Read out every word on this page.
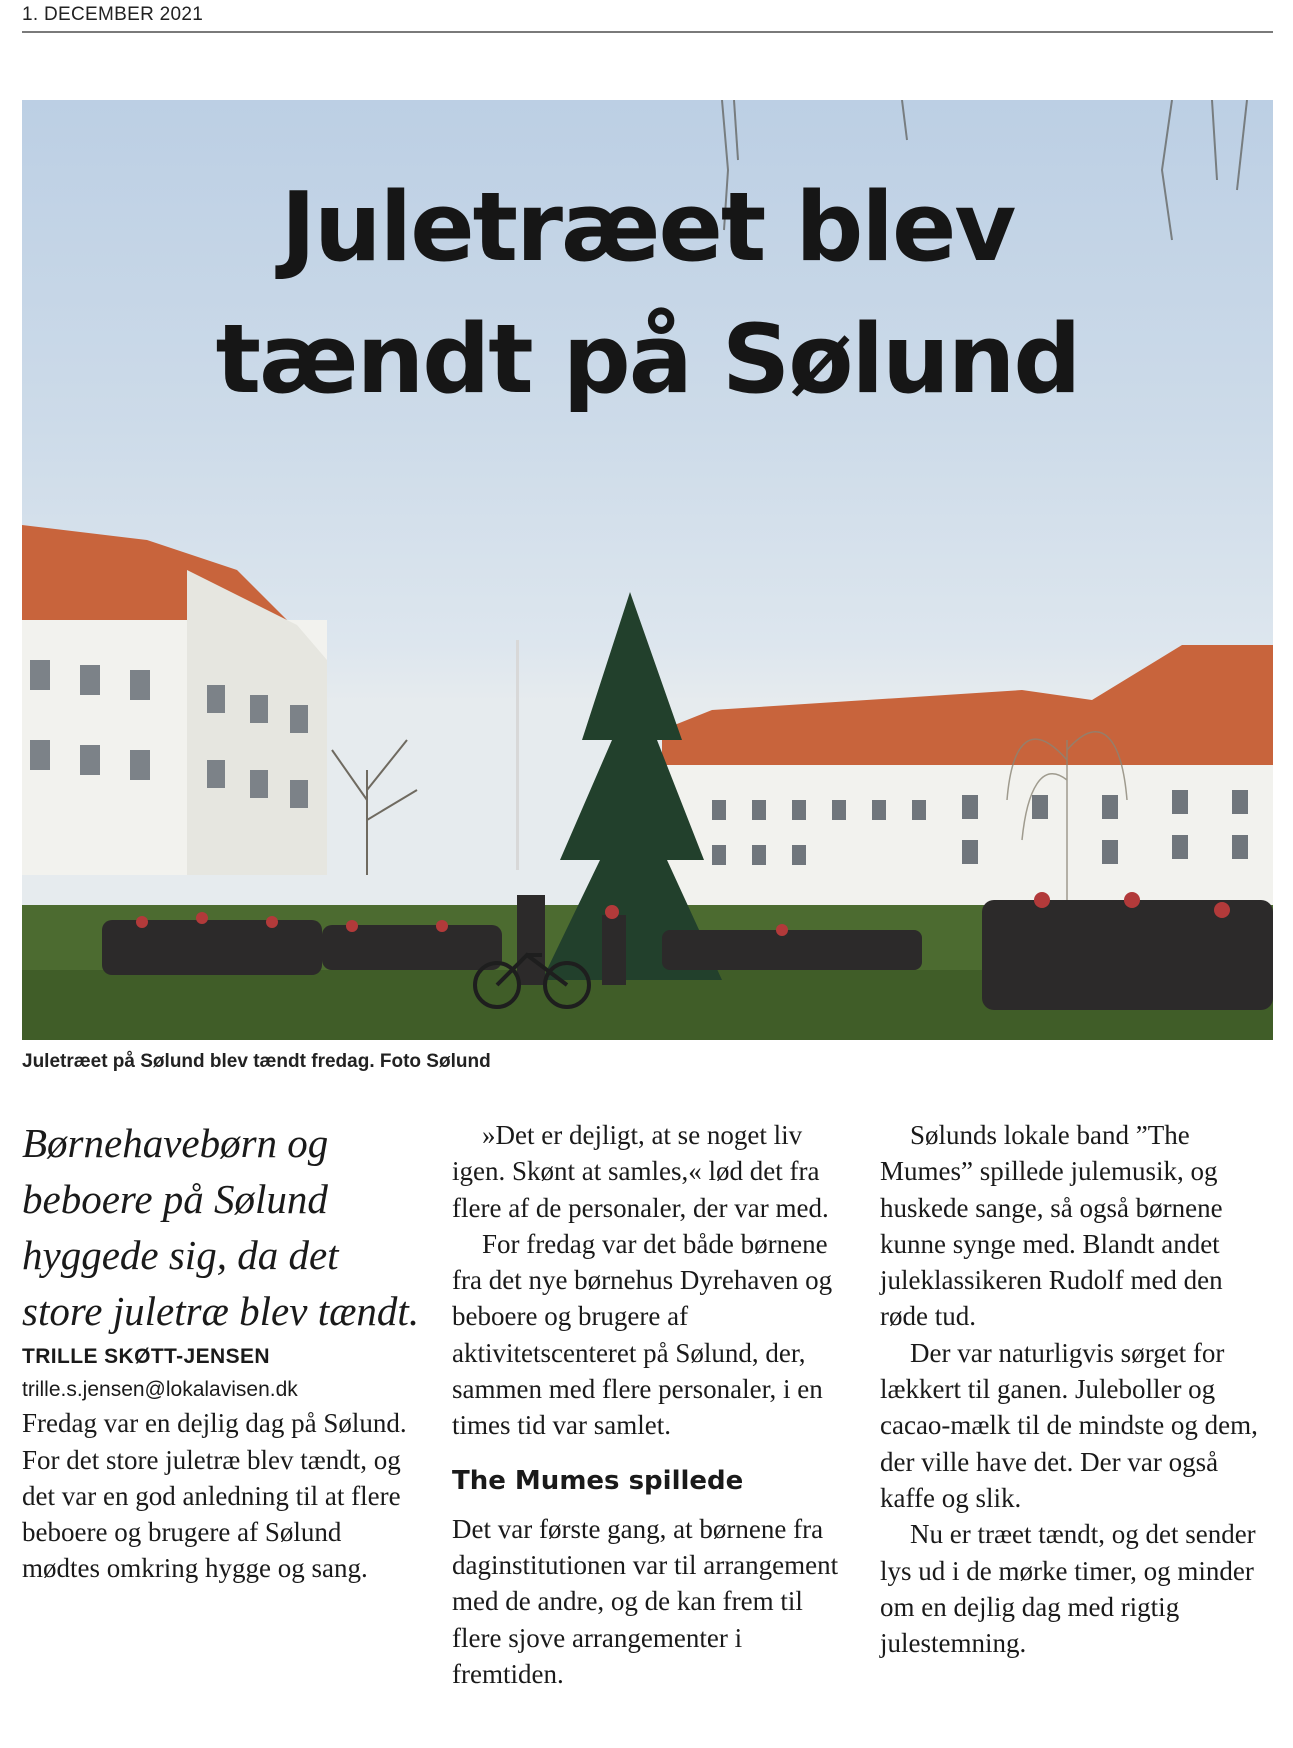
1. DECEMBER 2021
Juletræet blev
tændt på Sølund
Juletræet på Sølund blev tændt fredag. Foto Sølund

Børnehavebørn og beboere på Sølund hyggede sig, da det store juletræ blev tændt.

TRILLE SKØTT-JENSEN

trille.s.jensen@lokalavisen.dk

Fredag var en dejlig dag på Sølund. For det store juletræ blev tændt, og det var en god anledning til at flere beboere og brugere af Sølund mødtes omkring hygge og sang.

»Det er dejligt, at se noget liv igen. Skønt at samles,« lød det fra flere af de personaler, der var med.

For fredag var det både børnene fra det nye børnehus Dyrehaven og beboere og brugere af aktivitetscenteret på Sølund, der, sammen med flere personaler, i en times tid var samlet.

The Mumes spillede

Det var første gang, at børnene fra daginstitutionen var til arrangement med de andre, og de kan frem til flere sjove arrangementer i fremtiden.

Sølunds lokale band ”The Mumes” spillede julemusik, og huskede sange, så også børnene kunne synge med. Blandt andet juleklassikeren Rudolf med den røde tud.

Der var naturligvis sørget for lækkert til ganen. Juleboller og cacao-mælk til de mindste og dem, der ville have det. Der var også kaffe og slik.

Nu er træet tændt, og det sender lys ud i de mørke timer, og minder om en dejlig dag med rigtig julestemning.
